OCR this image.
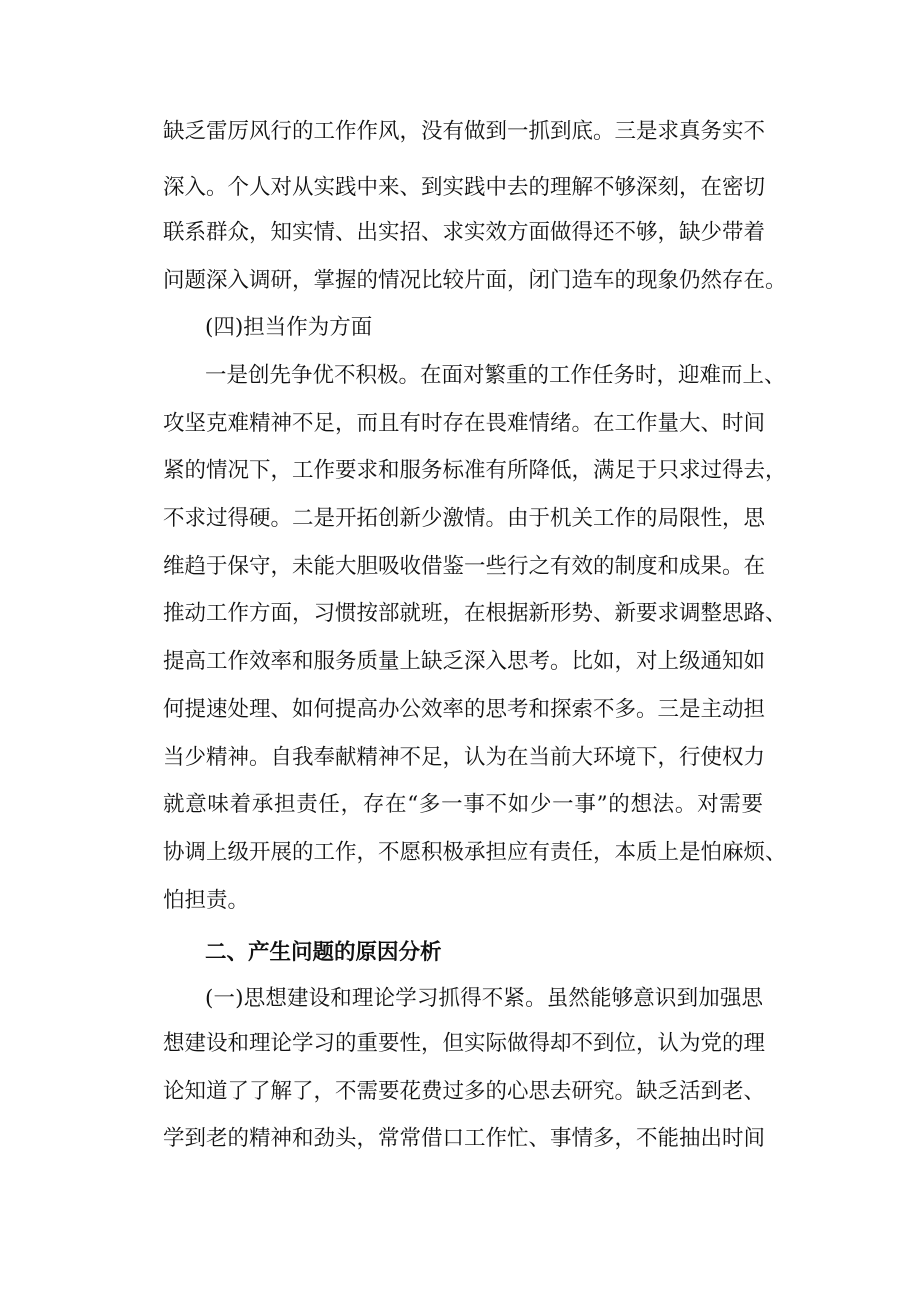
缺乏雷厉风行的工作作风，没有做到一抓到底。三是求真务实不

深入。个人对从实践中来、到实践中去的理解不够深刻，在密切

联系群众，知实情、出实招、求实效方面做得还不够，缺少带着

问题深入调研，掌握的情况比较片面，闭门造车的现象仍然存在。

(四)担当作为方面

一是创先争优不积极。在面对繁重的工作任务时，迎难而上、

攻坚克难精神不足，而且有时存在畏难情绪。在工作量大、时间

紧的情况下，工作要求和服务标准有所降低，满足于只求过得去，

不求过得硬。二是开拓创新少激情。由于机关工作的局限性，思

维趋于保守，未能大胆吸收借鉴一些行之有效的制度和成果。在

推动工作方面，习惯按部就班，在根据新形势、新要求调整思路、

提高工作效率和服务质量上缺乏深入思考。比如，对上级通知如

何提速处理、如何提高办公效率的思考和探索不多。三是主动担

当少精神。自我奉献精神不足，认为在当前大环境下，行使权力

就意味着承担责任，存在“多一事不如少一事”的想法。对需要

协调上级开展的工作，不愿积极承担应有责任，本质上是怕麻烦、

怕担责。

二、产生问题的原因分析

(一)思想建设和理论学习抓得不紧。虽然能够意识到加强思

想建设和理论学习的重要性，但实际做得却不到位，认为党的理

论知道了了解了，不需要花费过多的心思去研究。缺乏活到老、

学到老的精神和劲头，常常借口工作忙、事情多，不能抽出时间
